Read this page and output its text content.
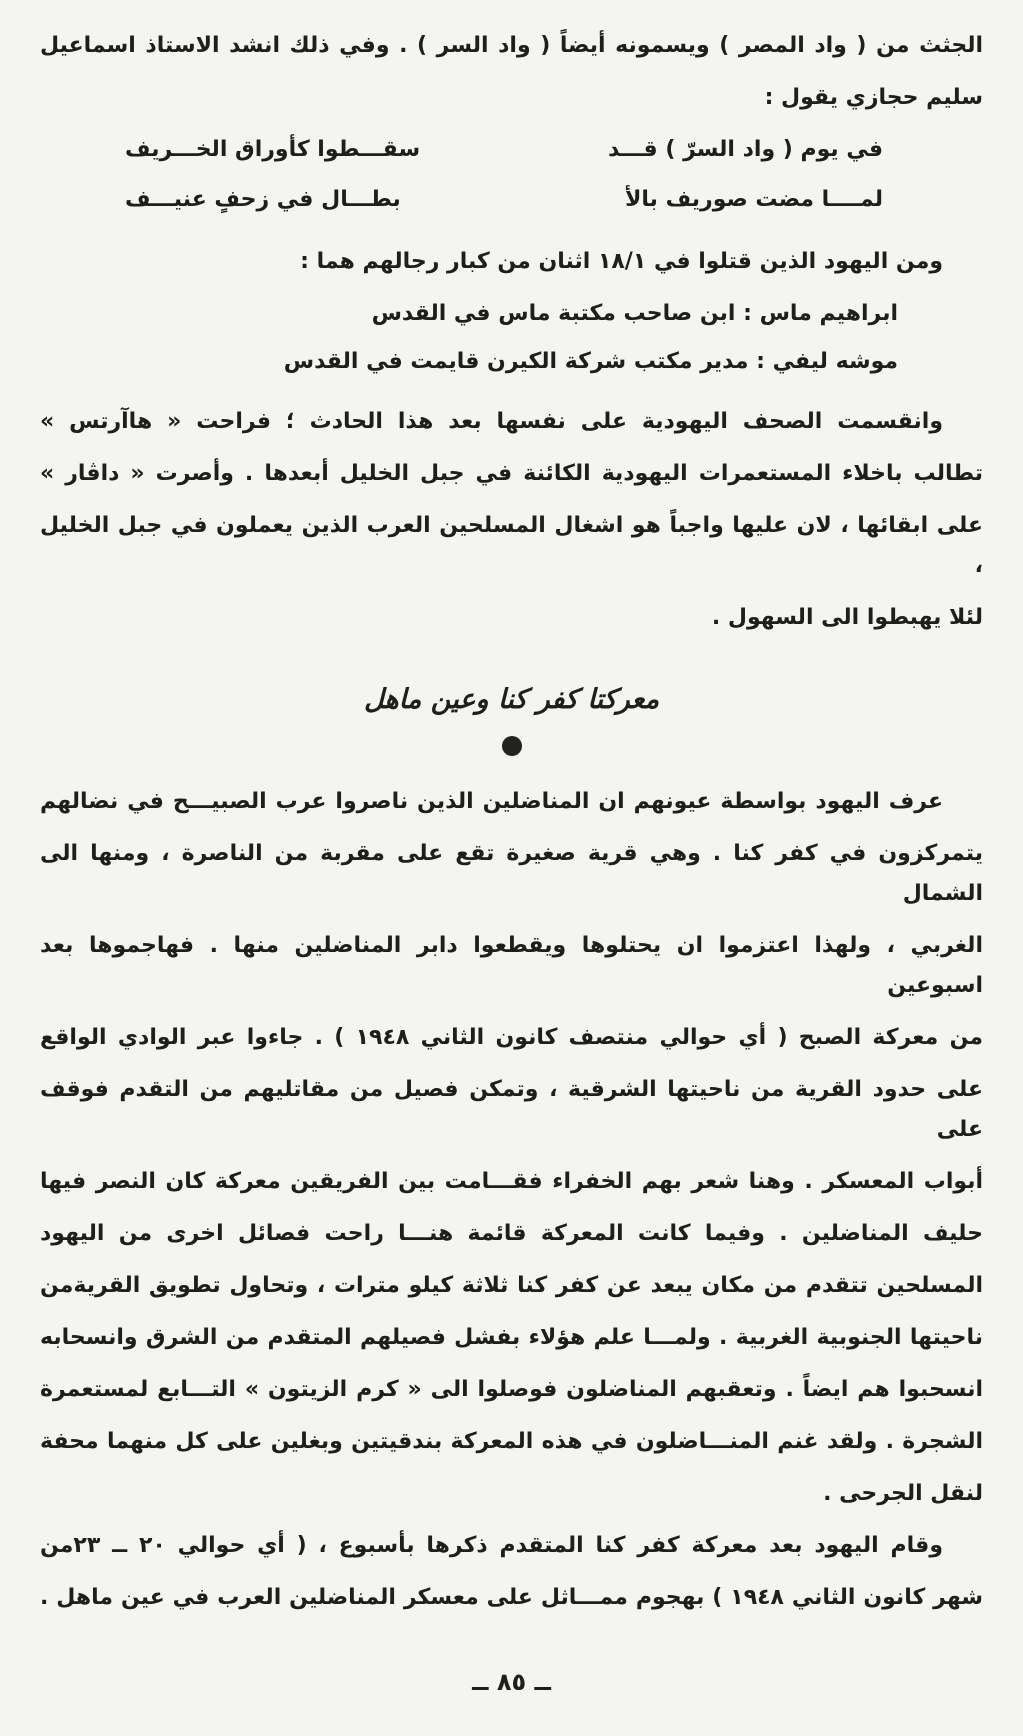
الجثث من ( واد المصر ) ويسمونه أيضاً ( واد السر ) . وفي ذلك انشد الاستاذ اسماعيل
سليم حجازي يقول :
في يوم ( واد السرّ ) قـــد
سقـــطوا كأوراق الخـــريف
لمــــا مضت صوريف بالأ
بطـــال في زحفٍ عنيـــف
ومن اليهود الذين قتلوا في ١٨/١ اثنان من كبار رجالهم هما :
ابراهيم ماس : ابن صاحب مكتبة ماس في القدس
موشه ليفي : مدير مكتب شركة الكيرن قايمت في القدس
وانقسمت الصحف اليهودية على نفسها بعد هذا الحادث ؛ فراحت « هاآرتس »
تطالب باخلاء المستعمرات اليهودية الكائنة في جبل الخليل أبعدها . وأصرت « داڤار »
على ابقائها ، لان عليها واجباً هو اشغال المسلحين العرب الذين يعملون في جبل الخليل ،
لئلا يهبطوا الى السهول .
معركتا كفر كنا وعين ماهل
عرف اليهود بواسطة عيونهم ان المناضلين الذين ناصروا عرب الصبيـــح في نضالهم
يتمركزون في كفر كنا . وهي قرية صغيرة تقع على مقربة من الناصرة ، ومنها الى الشمال
الغربي ، ولهذا اعتزموا ان يحتلوها ويقطعوا دابر المناضلين منها . فهاجموها بعد اسبوعين
من معركة الصبح ( أي حوالي منتصف كانون الثاني ١٩٤٨ ) . جاءوا عبر الوادي الواقع
على حدود القرية من ناحيتها الشرقية ، وتمكن فصيل من مقاتليهم من التقدم فوقف على
أبواب المعسكر . وهنا شعر بهم الخفراء فقـــامت بين الفريقين معركة كان النصر فيها
حليف المناضلين . وفيما كانت المعركة قائمة هنـــا راحت فصائل اخرى من اليهود
المسلحين تتقدم من مكان يبعد عن كفر كنا ثلاثة كيلو مترات ، وتحاول تطويق القريةمن
ناحيتها الجنوبية الغربية . ولمـــا علم هؤلاء بفشل فصيلهم المتقدم من الشرق وانسحابه
انسحبوا هم ايضاً . وتعقبهم المناضلون فوصلوا الى « كرم الزيتون » التـــابع لمستعمرة
الشجرة . ولقد غنم المنـــاضلون في هذه المعركة بندقيتين وبغلين على كل منهما محفة
لنقل الجرحى .
وقام اليهود بعد معركة كفر كنا المتقدم ذكرها بأسبوع ، ( أي حوالي ٢٠ ــ ٢٣من
شهر كانون الثاني ١٩٤٨ ) بهجوم ممـــاثل على معسكر المناضلين العرب في عين ماهل .
ــ ٨٥ ــ
